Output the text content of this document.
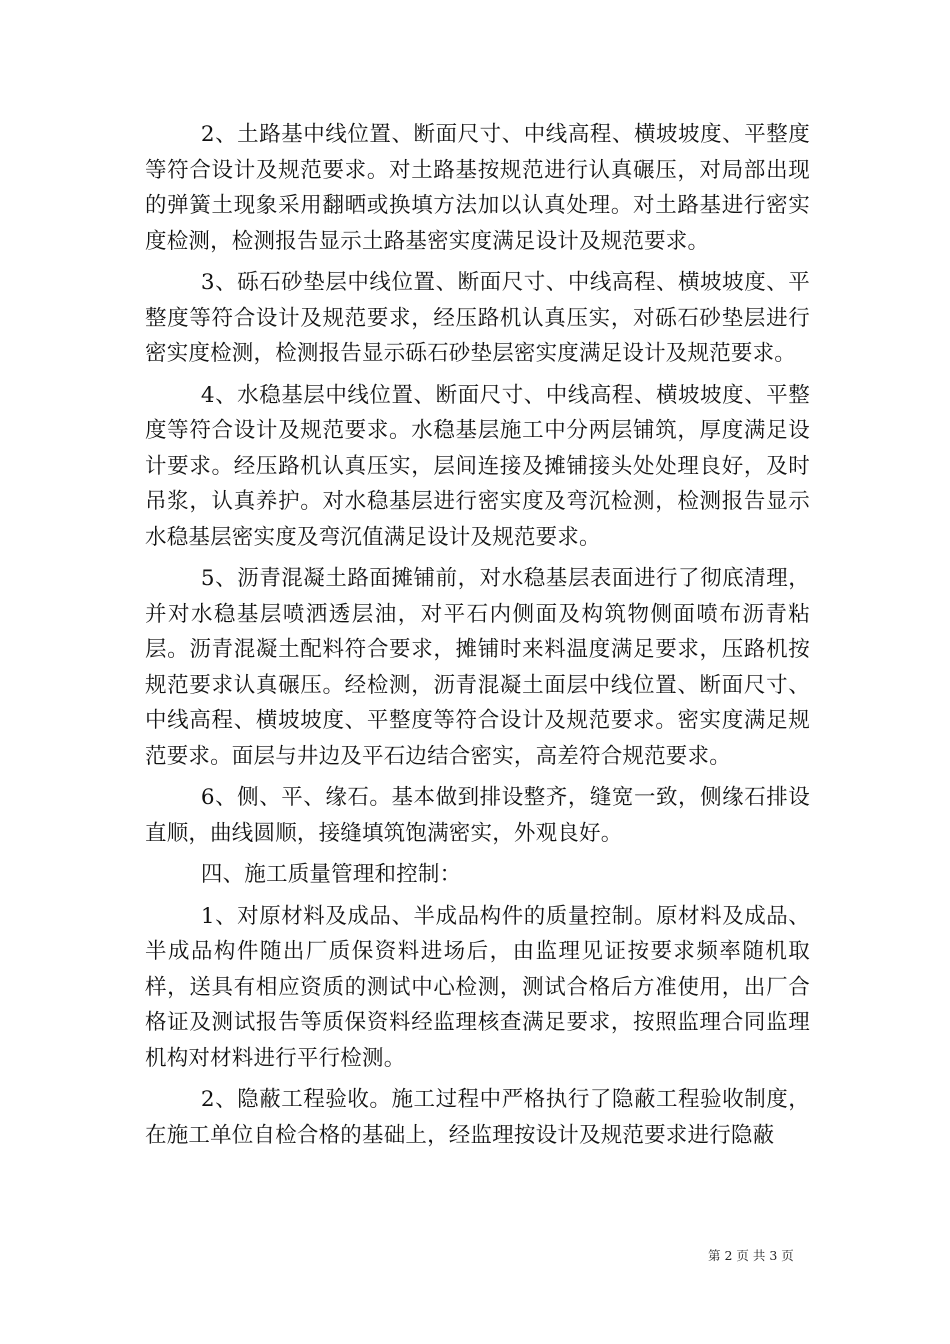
2、土路基中线位置、断面尺寸、中线高程、横坡坡度、平整度等符合设计及规范要求。对土路基按规范进行认真碾压，对局部出现的弹簧土现象采用翻晒或换填方法加以认真处理。对土路基进行密实度检测，检测报告显示土路基密实度满足设计及规范要求。

3、砾石砂垫层中线位置、断面尺寸、中线高程、横坡坡度、平整度等符合设计及规范要求，经压路机认真压实，对砾石砂垫层进行密实度检测，检测报告显示砾石砂垫层密实度满足设计及规范要求。

4、水稳基层中线位置、断面尺寸、中线高程、横坡坡度、平整度等符合设计及规范要求。水稳基层施工中分两层铺筑，厚度满足设计要求。经压路机认真压实，层间连接及摊铺接头处处理良好，及时吊浆，认真养护。对水稳基层进行密实度及弯沉检测，检测报告显示水稳基层密实度及弯沉值满足设计及规范要求。

5、沥青混凝土路面摊铺前，对水稳基层表面进行了彻底清理，并对水稳基层喷洒透层油，对平石内侧面及构筑物侧面喷布沥青粘层。沥青混凝土配料符合要求，摊铺时来料温度满足要求，压路机按规范要求认真碾压。经检测，沥青混凝土面层中线位置、断面尺寸、中线高程、横坡坡度、平整度等符合设计及规范要求。密实度满足规范要求。面层与井边及平石边结合密实，高差符合规范要求。

6、侧、平、缘石。基本做到排设整齐，缝宽一致，侧缘石排设直顺，曲线圆顺，接缝填筑饱满密实，外观良好。

四、施工质量管理和控制：

1、对原材料及成品、半成品构件的质量控制。原材料及成品、半成品构件随出厂质保资料进场后，由监理见证按要求频率随机取样，送具有相应资质的测试中心检测，测试合格后方准使用，出厂合格证及测试报告等质保资料经监理核查满足要求，按照监理合同监理机构对材料进行平行检测。

2、隐蔽工程验收。施工过程中严格执行了隐蔽工程验收制度，在施工单位自检合格的基础上，经监理按设计及规范要求进行隐蔽

第 2 页 共 3 页
